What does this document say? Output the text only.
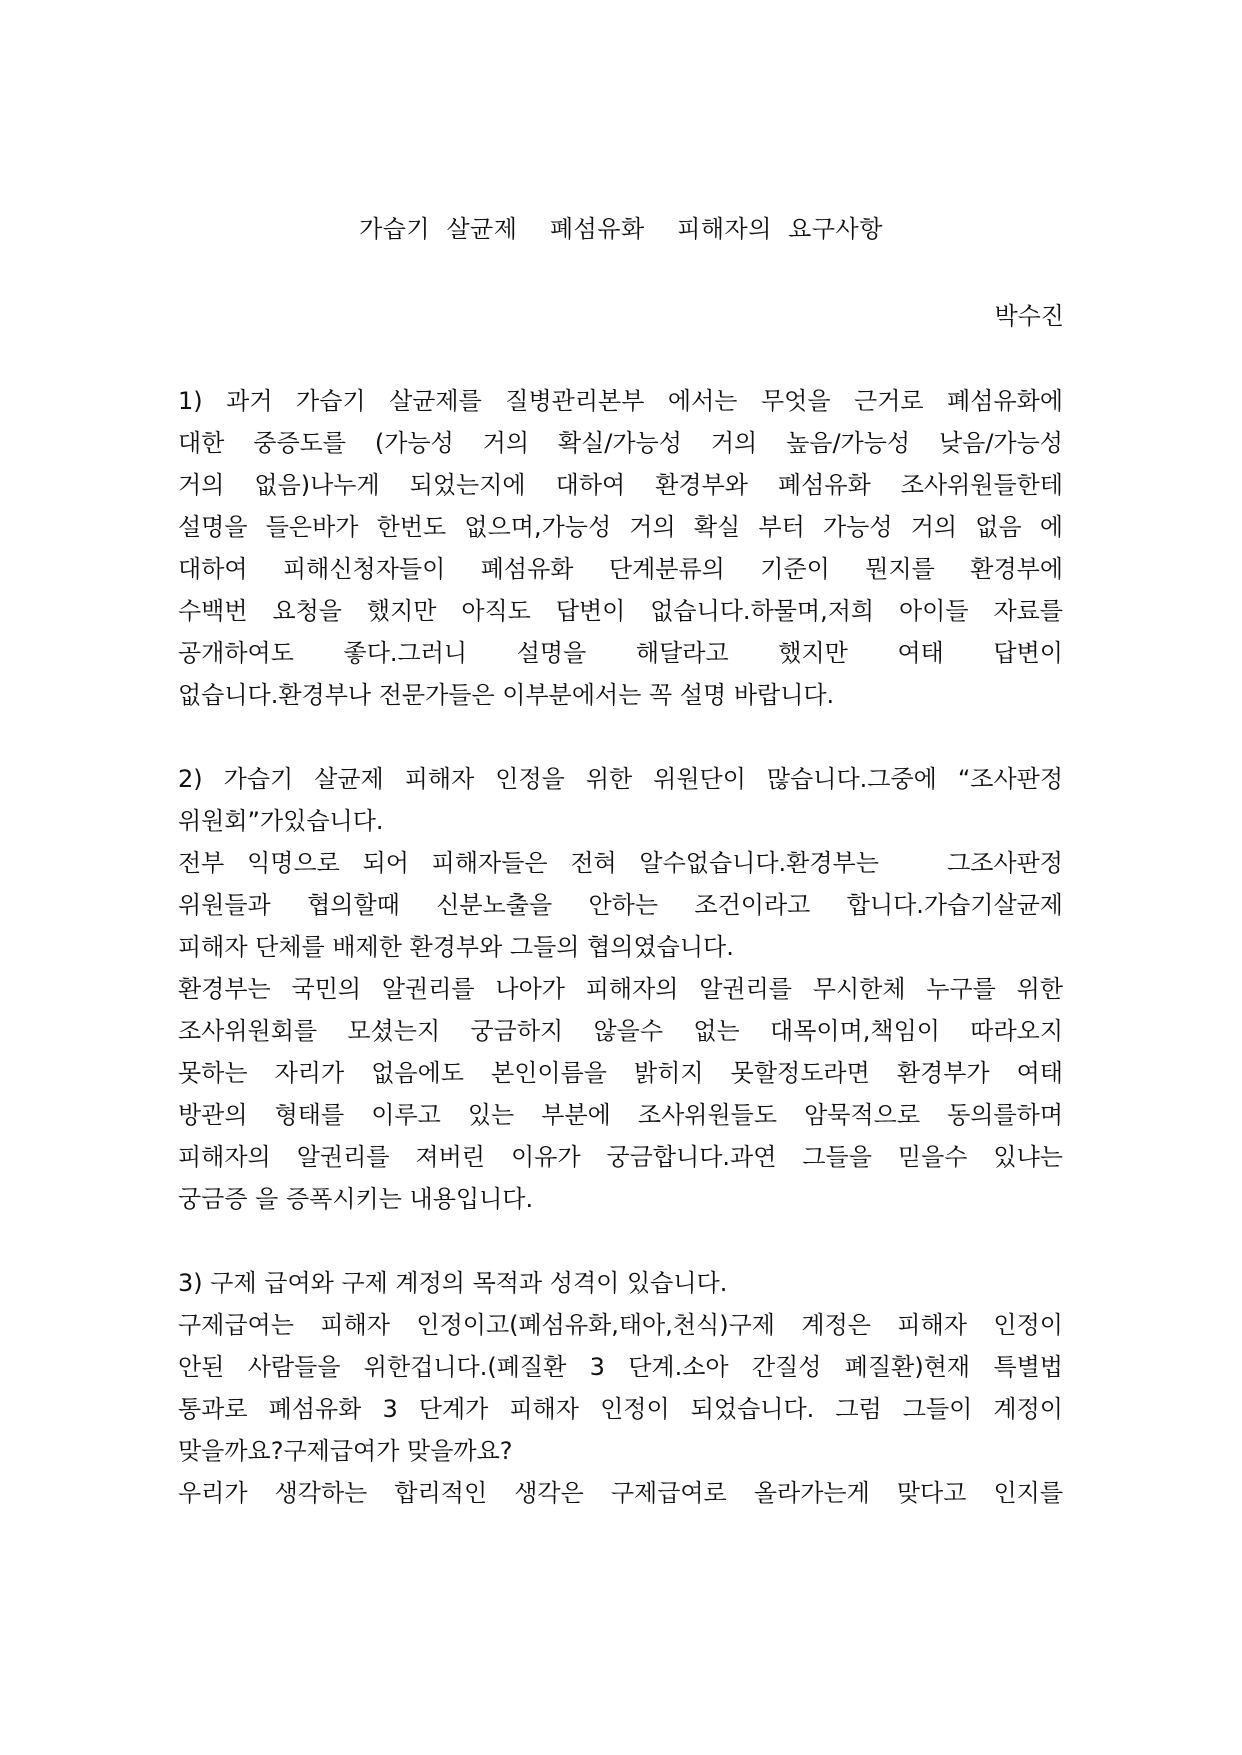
가습기  살균제    폐섬유화    피해자의  요구사항
박수진
1) 과거 가습기 살균제를 질병관리본부 에서는 무엇을 근거로 폐섬유화에
대한 중증도를 (가능성 거의 확실/가능성 거의 높음/가능성 낮음/가능성
거의 없음)나누게 되었는지에 대하여 환경부와 폐섬유화 조사위원들한테
설명을 들은바가 한번도 없으며,가능성 거의 확실 부터 가능성 거의 없음 에
대하여 피해신청자들이 폐섬유화 단계분류의 기준이 뭔지를 환경부에
수백번 요청을 했지만 아직도 답변이 없습니다.하물며,저희 아이들 자료를
공개하여도 좋다.그러니 설명을 해달라고 했지만 여태 답변이
없습니다.환경부나 전문가들은 이부분에서는 꼭 설명 바랍니다.
2) 가습기 살균제 피해자 인정을 위한 위원단이 많습니다.그중에 “조사판정
위원회”가있습니다.
전부 익명으로 되어 피해자들은 전혀 알수없습니다.환경부는   그조사판정
위원들과 협의할때 신분노출을 안하는 조건이라고 합니다.가습기살균제
피해자 단체를 배제한 환경부와 그들의 협의였습니다.
환경부는 국민의 알권리를 나아가 피해자의 알권리를 무시한체 누구를 위한
조사위원회를 모셨는지 궁금하지 않을수 없는 대목이며,책임이 따라오지
못하는 자리가 없음에도 본인이름을 밝히지 못할정도라면 환경부가 여태
방관의 형태를 이루고 있는 부분에 조사위원들도 암묵적으로 동의를하며
피해자의 알권리를 져버린 이유가 궁금합니다.과연 그들을 믿을수 있냐는
궁금증 을 증폭시키는 내용입니다.
3) 구제 급여와 구제 계정의 목적과 성격이 있습니다.
구제급여는 피해자 인정이고(폐섬유화,태아,천식)구제 계정은 피해자 인정이
안된 사람들을 위한겁니다.(폐질환 3 단계.소아 간질성 폐질환)현재 특별법
통과로 폐섬유화 3 단계가 피해자 인정이 되었습니다. 그럼 그들이 계정이
맞을까요?구제급여가 맞을까요?
우리가 생각하는 합리적인 생각은 구제급여로 올라가는게 맞다고 인지를
